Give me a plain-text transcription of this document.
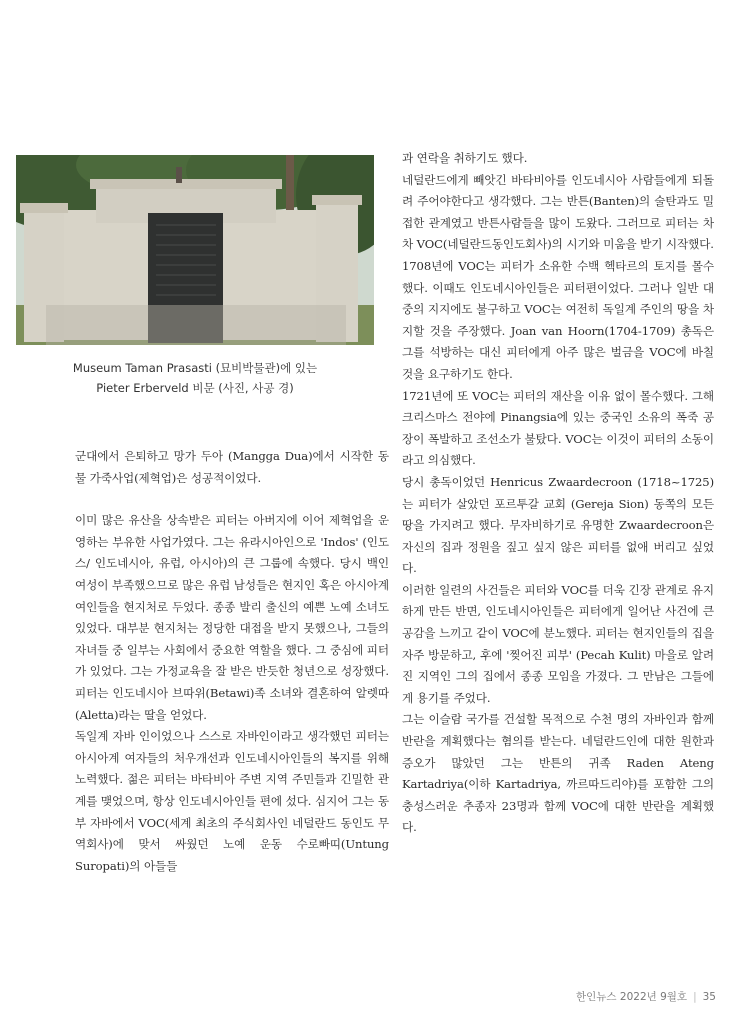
Museum Taman Prasasti (묘비박물관)에 있는
Pieter Erberveld 비문 (사진, 사공 경)

군대에서 은퇴하고 망가 두아 (Mangga Dua)에서 시작한 동물 가죽사업(제혁업)은 성공적이었다.

이미 많은 유산을 상속받은 피터는 아버지에 이어 제혁업을 운영하는 부유한 사업가였다. 그는 유라시아인으로 'Indos' (인도스/ 인도네시아, 유럽, 아시아)의 큰 그룹에 속했다. 당시 백인 여성이 부족했으므로 많은 유럽 남성들은 현지인 혹은 아시아계 여인들을 현지처로 두었다. 종종 발리 출신의 예쁜 노예 소녀도 있었다. 대부분 현지처는 정당한 대접을 받지 못했으나, 그들의 자녀들 중 일부는 사회에서 중요한 역할을 했다. 그 중심에 피터가 있었다. 그는 가정교육을 잘 받은 반듯한 청년으로 성장했다. 피터는 인도네시아 브따위(Betawi)족 소녀와 결혼하여 알렛따(Aletta)라는 딸을 얻었다.

독일계 자바 인이었으나 스스로 자바인이라고 생각했던 피터는 아시아계 여자들의 처우개선과 인도네시아인들의 복지를 위해 노력했다. 젊은 피터는 바타비아 주변 지역 주민들과 긴밀한 관계를 맺었으며, 항상 인도네시아인들 편에 섰다. 심지어 그는 동부 자바에서 VOC(세계 최초의 주식회사인 네덜란드 동인도 무역회사)에 맞서 싸웠던 노예 운동 수로빠띠(Untung Suropati)의 아들들

과 연락을 취하기도 했다.

네덜란드에게 빼앗긴 바타비아를 인도네시아 사람들에게 되돌려 주어야한다고 생각했다. 그는 반튼(Banten)의 술탄과도 밀접한 관계였고 반튼사람들을 많이 도왔다. 그러므로 피터는 차차 VOC(네덜란드동인도회사)의 시기와 미움을 받기 시작했다.

1708년에 VOC는 피터가 소유한 수백 헥타르의 토지를 몰수했다. 이때도 인도네시아인들은 피터편이었다. 그러나 일반 대중의 지지에도 불구하고 VOC는 여전히 독일계 주인의 땅을 차지할 것을 주장했다. Joan van Hoorn(1704-1709) 총독은 그를 석방하는 대신 피터에게 아주 많은 벌금을 VOC에 바칠 것을 요구하기도 한다.

1721년에 또 VOC는 피터의 재산을 이유 없이 몰수했다. 그해 크리스마스 전야에 Pinangsia에 있는 중국인 소유의 폭죽 공장이 폭발하고 조선소가 불탔다. VOC는 이것이 피터의 소동이라고 의심했다.

당시 총독이었던 Henricus Zwaardecroon (1718~1725)는 피터가 살았던 포르투갈 교회 (Gereja Sion) 동쪽의 모든 땅을 가지려고 했다. 무자비하기로 유명한 Zwaardecroon은 자신의 집과 정원을 짚고 싶지 않은 피터를 없애 버리고 싶었다.

이러한 일련의 사건들은 피터와 VOC를 더욱 긴장 관계로 유지하게 만든 반면, 인도네시아인들은 피터에게 일어난 사건에 큰 공감을 느끼고 같이 VOC에 분노했다. 피터는 현지인들의 집을 자주 방문하고, 후에 '찢어진 피부' (Pecah Kulit) 마을로 알려진 지역인 그의 집에서 종종 모임을 가졌다. 그 만남은 그들에게 용기를 주었다.

그는 이슬람 국가를 건설할 목적으로 수천 명의 자바인과 함께 반란을 계획했다는 혐의를 받는다. 네덜란드인에 대한 원한과 증오가 많았던 그는 반튼의 귀족 Raden Ateng Kartadriya(이하 Kartadriya, 까르따드리야)를 포함한 그의 충성스러운 추종자 23명과 함께 VOC에 대한 반란을 계획했다.

한인뉴스 2022년 9월호 | 35
